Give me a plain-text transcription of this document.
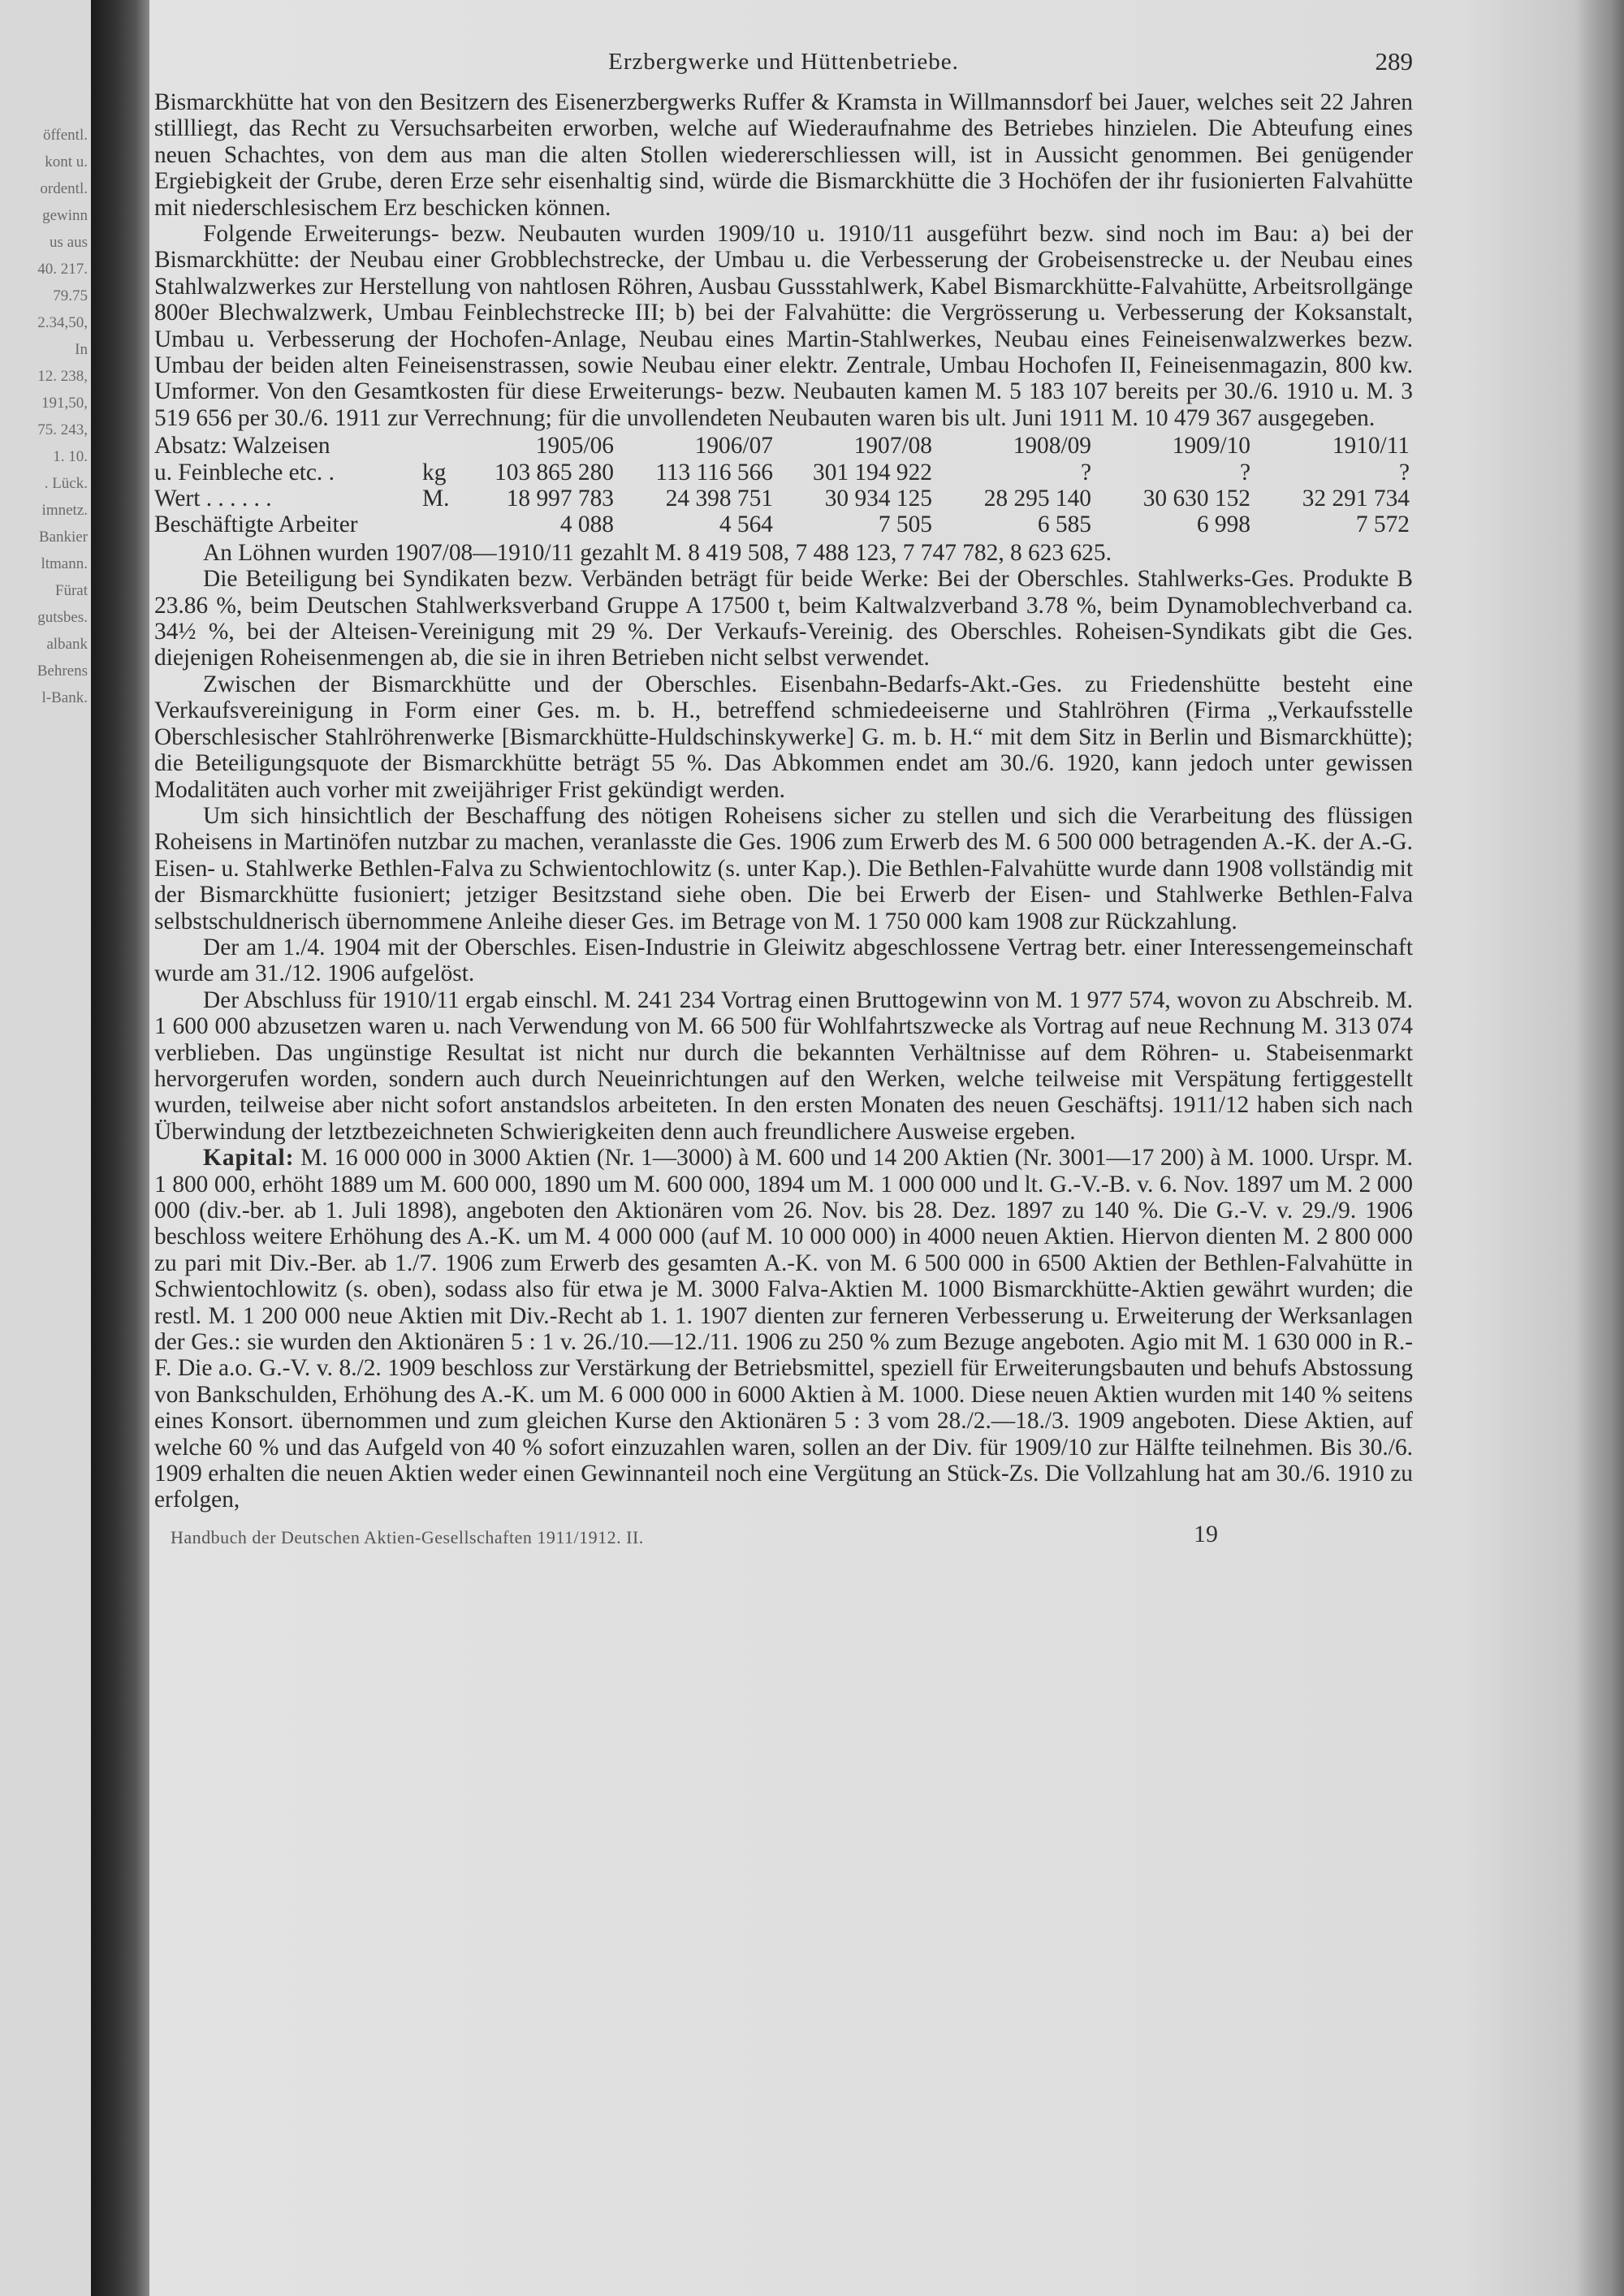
öffentl.
kont u.
ordentl.
gewinn
us aus
40. 217.
79.75
2.34,50,
In
12. 238,
191,50,
75. 243,
1. 10.
. Lück.
imnetz.
Bankier
ltmann.
Fürat
gutsbes.
albank
Behrens
l-Bank.
Erzbergwerke und Hüttenbetriebe.	289

Bismarckhütte hat von den Besitzern des Eisenerzbergwerks Ruffer & Kramsta in Willmannsdorf bei Jauer, welches seit 22 Jahren stillliegt, das Recht zu Versuchsarbeiten erworben, welche auf Wiederaufnahme des Betriebes hinzielen. Die Abteufung eines neuen Schachtes, von dem aus man die alten Stollen wiedererschliessen will, ist in Aussicht genommen. Bei genügender Ergiebigkeit der Grube, deren Erze sehr eisenhaltig sind, würde die Bismarckhütte die 3 Hochöfen der ihr fusionierten Falvahütte mit niederschlesischem Erz beschicken können.

Folgende Erweiterungs- bezw. Neubauten wurden 1909/10 u. 1910/11 ausgeführt bezw. sind noch im Bau: a) bei der Bismarckhütte: der Neubau einer Grobblechstrecke, der Umbau u. die Verbesserung der Grobeisenstrecke u. der Neubau eines Stahlwalzwerkes zur Herstellung von nahtlosen Röhren, Ausbau Gussstahlwerk, Kabel Bismarckhütte-Falvahütte, Arbeitsrollgänge 800er Blechwalzwerk, Umbau Feinblechstrecke III; b) bei der Falvahütte: die Vergrösserung u. Verbesserung der Koksanstalt, Umbau u. Verbesserung der Hochofen-Anlage, Neubau eines Martin-Stahlwerkes, Neubau eines Feineisenwalzwerkes bezw. Umbau der beiden alten Feineisenstrassen, sowie Neubau einer elektr. Zentrale, Umbau Hochofen II, Feineisenmagazin, 800 kw. Umformer. Von den Gesamtkosten für diese Erweiterungs- bezw. Neubauten kamen M. 5 183 107 bereits per 30./6. 1910 u. M. 3 519 656 per 30./6. 1911 zur Verrechnung; für die unvollendeten Neubauten waren bis ult. Juni 1911 M. 10 479 367 ausgegeben.

Absatz: Walzeisen	1905/06	1906/07	1907/08	1908/09	1909/10	1910/11
u. Feinbleche etc. .	kg	103 865 280	113 116 566	301 194 922	?	?	?
Wert . . . . . .	M.	18 997 783	24 398 751	30 934 125	28 295 140	30 630 152	32 291 734
Beschäftigte Arbeiter	4 088	4 564	7 505	6 585	6 998	7 572

An Löhnen wurden 1907/08—1910/11 gezahlt M. 8 419 508, 7 488 123, 7 747 782, 8 623 625.

Die Beteiligung bei Syndikaten bezw. Verbänden beträgt für beide Werke: Bei der Oberschles. Stahlwerks-Ges. Produkte B 23.86 %, beim Deutschen Stahlwerksverband Gruppe A 17500 t, beim Kaltwalzverband 3.78 %, beim Dynamoblechverband ca. 34½ %, bei der Alteisen-Vereinigung mit 29 %. Der Verkaufs-Vereinig. des Oberschles. Roheisen-Syndikats gibt die Ges. diejenigen Roheisenmengen ab, die sie in ihren Betrieben nicht selbst verwendet.

Zwischen der Bismarckhütte und der Oberschles. Eisenbahn-Bedarfs-Akt.-Ges. zu Friedenshütte besteht eine Verkaufsvereinigung in Form einer Ges. m. b. H., betreffend schmiedeeiserne und Stahlröhren (Firma „Verkaufsstelle Oberschlesischer Stahlröhrenwerke [Bismarckhütte-Huldschinskywerke] G. m. b. H.“ mit dem Sitz in Berlin und Bismarckhütte); die Beteiligungsquote der Bismarckhütte beträgt 55 %. Das Abkommen endet am 30./6. 1920, kann jedoch unter gewissen Modalitäten auch vorher mit zweijähriger Frist gekündigt werden.

Um sich hinsichtlich der Beschaffung des nötigen Roheisens sicher zu stellen und sich die Verarbeitung des flüssigen Roheisens in Martinöfen nutzbar zu machen, veranlasste die Ges. 1906 zum Erwerb des M. 6 500 000 betragenden A.-K. der A.-G. Eisen- u. Stahlwerke Bethlen-Falva zu Schwientochlowitz (s. unter Kap.). Die Bethlen-Falvahütte wurde dann 1908 vollständig mit der Bismarckhütte fusioniert; jetziger Besitzstand siehe oben. Die bei Erwerb der Eisen- und Stahlwerke Bethlen-Falva selbstschuldnerisch übernommene Anleihe dieser Ges. im Betrage von M. 1 750 000 kam 1908 zur Rückzahlung.

Der am 1./4. 1904 mit der Oberschles. Eisen-Industrie in Gleiwitz abgeschlossene Vertrag betr. einer Interessengemeinschaft wurde am 31./12. 1906 aufgelöst.

Der Abschluss für 1910/11 ergab einschl. M. 241 234 Vortrag einen Bruttogewinn von M. 1 977 574, wovon zu Abschreib. M. 1 600 000 abzusetzen waren u. nach Verwendung von M. 66 500 für Wohlfahrtszwecke als Vortrag auf neue Rechnung M. 313 074 verblieben. Das ungünstige Resultat ist nicht nur durch die bekannten Verhältnisse auf dem Röhren- u. Stabeisenmarkt hervorgerufen worden, sondern auch durch Neueinrichtungen auf den Werken, welche teilweise mit Verspätung fertiggestellt wurden, teilweise aber nicht sofort anstandslos arbeiteten. In den ersten Monaten des neuen Geschäftsj. 1911/12 haben sich nach Überwindung der letztbezeichneten Schwierigkeiten denn auch freundlichere Ausweise ergeben.

Kapital: M. 16 000 000 in 3000 Aktien (Nr. 1—3000) à M. 600 und 14 200 Aktien (Nr. 3001—17 200) à M. 1000. Urspr. M. 1 800 000, erhöht 1889 um M. 600 000, 1890 um M. 600 000, 1894 um M. 1 000 000 und lt. G.-V.-B. v. 6. Nov. 1897 um M. 2 000 000 (div.-ber. ab 1. Juli 1898), angeboten den Aktionären vom 26. Nov. bis 28. Dez. 1897 zu 140 %. Die G.-V. v. 29./9. 1906 beschloss weitere Erhöhung des A.-K. um M. 4 000 000 (auf M. 10 000 000) in 4000 neuen Aktien. Hiervon dienten M. 2 800 000 zu pari mit Div.-Ber. ab 1./7. 1906 zum Erwerb des gesamten A.-K. von M. 6 500 000 in 6500 Aktien der Bethlen-Falvahütte in Schwientochlowitz (s. oben), sodass also für etwa je M. 3000 Falva-Aktien M. 1000 Bismarckhütte-Aktien gewährt wurden; die restl. M. 1 200 000 neue Aktien mit Div.-Recht ab 1. 1. 1907 dienten zur ferneren Verbesserung u. Erweiterung der Werksanlagen der Ges.: sie wurden den Aktionären 5 : 1 v. 26./10.—12./11. 1906 zu 250 % zum Bezuge angeboten. Agio mit M. 1 630 000 in R.-F. Die a.o. G.-V. v. 8./2. 1909 beschloss zur Verstärkung der Betriebsmittel, speziell für Erweiterungsbauten und behufs Abstossung von Bankschulden, Erhöhung des A.-K. um M. 6 000 000 in 6000 Aktien à M. 1000. Diese neuen Aktien wurden mit 140 % seitens eines Konsort. übernommen und zum gleichen Kurse den Aktionären 5 : 3 vom 28./2.—18./3. 1909 angeboten. Diese Aktien, auf welche 60 % und das Aufgeld von 40 % sofort einzuzahlen waren, sollen an der Div. für 1909/10 zur Hälfte teilnehmen. Bis 30./6. 1909 erhalten die neuen Aktien weder einen Gewinnanteil noch eine Vergütung an Stück-Zs. Die Vollzahlung hat am 30./6. 1910 zu erfolgen,

Handbuch der Deutschen Aktien-Gesellschaften 1911/1912. II.	19
